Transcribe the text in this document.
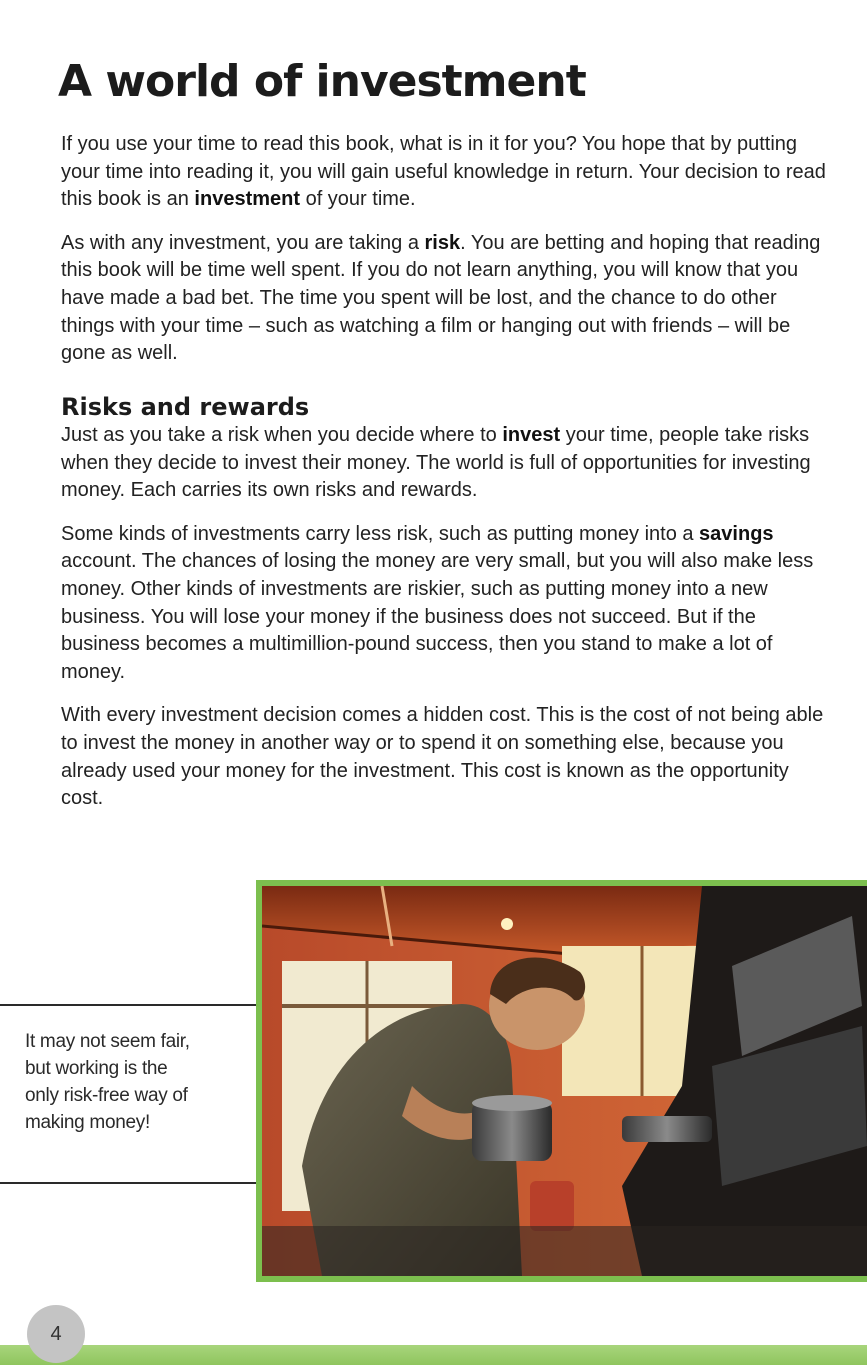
A world of investment

If you use your time to read this book, what is in it for you? You hope that by putting your time into reading it, you will gain useful knowledge in return. Your decision to read this book is an investment of your time.

As with any investment, you are taking a risk. You are betting and hoping that reading this book will be time well spent. If you do not learn anything, you will know that you have made a bad bet. The time you spent will be lost, and the chance to do other things with your time – such as watching a film or hanging out with friends – will be gone as well.

Risks and rewards

Just as you take a risk when you decide where to invest your time, people take risks when they decide to invest their money. The world is full of opportunities for investing money. Each carries its own risks and rewards.

Some kinds of investments carry less risk, such as putting money into a savings account. The chances of losing the money are very small, but you will also make less money. Other kinds of investments are riskier, such as putting money into a new business. You will lose your money if the business does not succeed. But if the business becomes a multimillion-pound success, then you stand to make a lot of money.

With every investment decision comes a hidden cost. This is the cost of not being able to invest the money in another way or to spend it on something else, because you already used your money for the investment. This cost is known as the opportunity cost.

It may not seem fair,
but working is the
only risk-free way of
making money!
4
